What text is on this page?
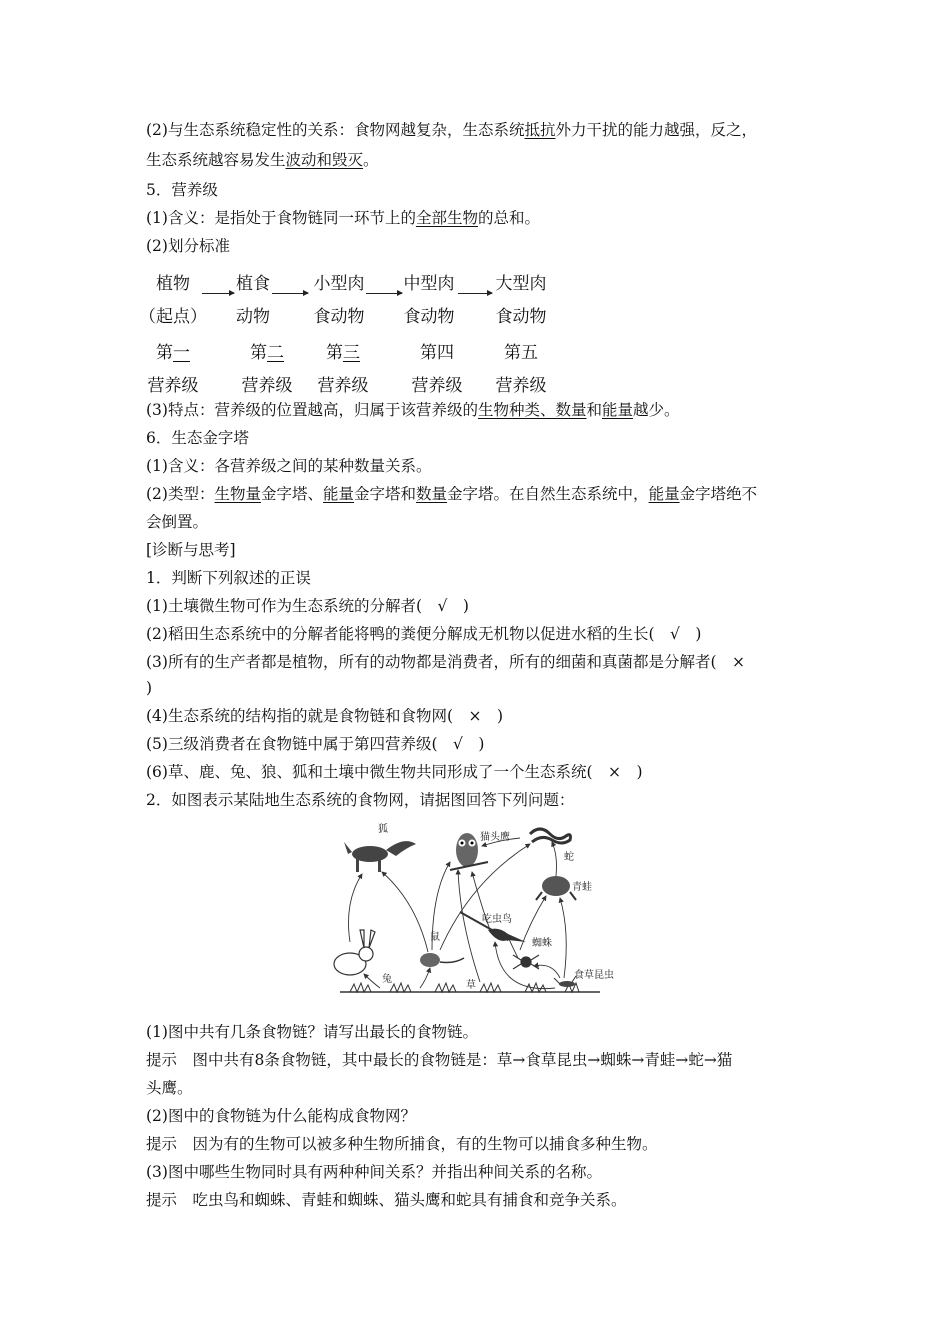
(2)与生态系统稳定性的关系：食物网越复杂，生态系统抵抗外力干扰的能力越强，反之，
生态系统越容易发生波动和毁灭。
5．营养级
(1)含义：是指处于食物链同一环节上的全部生物的总和。
(2)划分标准
植物	植食	小型肉	中型肉	大型肉
（起点）	动物	食动物	食动物	食动物
第一	第二	第三	第四	第五
营养级	营养级	营养级	营养级	营养级
(3)特点：营养级的位置越高，归属于该营养级的生物种类、数量和能量越少。
6．生态金字塔
(1)含义：各营养级之间的某种数量关系。
(2)类型：生物量金字塔、能量金字塔和数量金字塔。在自然生态系统中，能量金字塔绝不
会倒置。
[诊断与思考]
1．判断下列叙述的正误
(1)土壤微生物可作为生态系统的分解者(　√　)
(2)稻田生态系统中的分解者能将鸭的粪便分解成无机物以促进水稻的生长(　√　)
(3)所有的生产者都是植物，所有的动物都是消费者，所有的细菌和真菌都是分解者(　×
)
(4)生态系统的结构指的就是食物链和食物网(　×　)
(5)三级消费者在食物链中属于第四营养级(　√　)
(6)草、鹿、兔、狼、狐和土壤中微生物共同形成了一个生态系统(　×　)
2．如图表示某陆地生态系统的食物网，请据图回答下列问题：
狐
猫头鹰
蛇
吃虫鸟
青蛙
兔
鼠
蜘蛛
食草昆虫
草
(1)图中共有几条食物链？请写出最长的食物链。
提示　图中共有8条食物链，其中最长的食物链是：草→食草昆虫→蜘蛛→青蛙→蛇→猫
头鹰。
(2)图中的食物链为什么能构成食物网？
提示　因为有的生物可以被多种生物所捕食，有的生物可以捕食多种生物。
(3)图中哪些生物同时具有两种种间关系？并指出种间关系的名称。
提示　吃虫鸟和蜘蛛、青蛙和蜘蛛、猫头鹰和蛇具有捕食和竞争关系。
